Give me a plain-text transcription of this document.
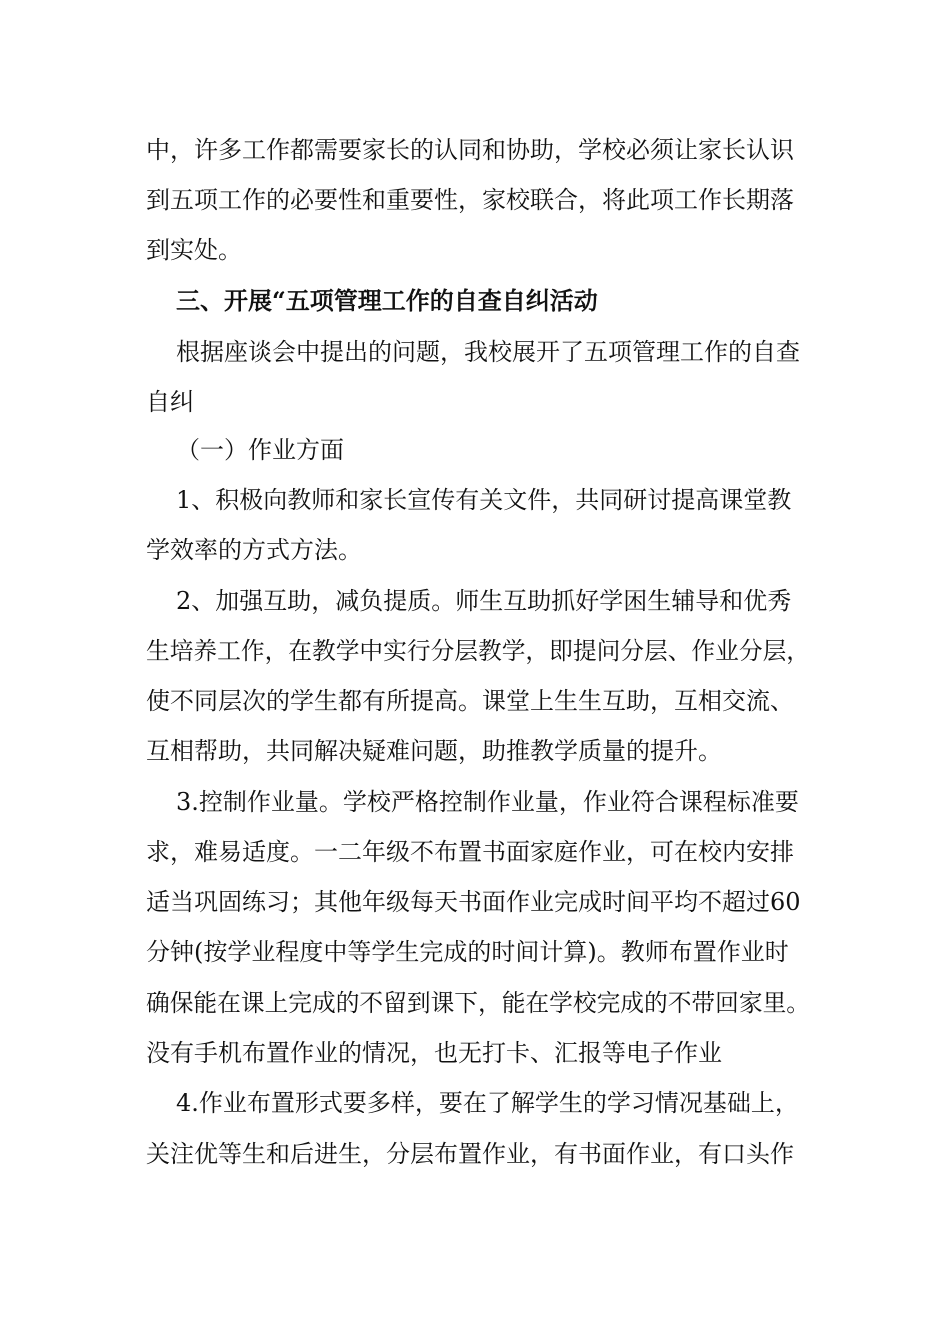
中，许多工作都需要家长的认同和协助，学校必须让家长认识
到五项工作的必要性和重要性，家校联合，将此项工作长期落
到实处。
三、开展“五项管理工作的自查自纠活动
根据座谈会中提出的问题，我校展开了五项管理工作的自查
自纠
（一）作业方面
1、积极向教师和家长宣传有关文件，共同研讨提高课堂教
学效率的方式方法。
2、加强互助，减负提质。师生互助抓好学困生辅导和优秀
生培养工作，在教学中实行分层教学，即提问分层、作业分层，
使不同层次的学生都有所提高。课堂上生生互助，互相交流、
互相帮助，共同解决疑难问题，助推教学质量的提升。
3.控制作业量。学校严格控制作业量，作业符合课程标准要
求，难易适度。一二年级不布置书面家庭作业，可在校内安排
适当巩固练习；其他年级每天书面作业完成时间平均不超过60
分钟(按学业程度中等学生完成的时间计算)。教师布置作业时
确保能在课上完成的不留到课下，能在学校完成的不带回家里。
没有手机布置作业的情况，也无打卡、汇报等电子作业
4.作业布置形式要多样，要在了解学生的学习情况基础上，
关注优等生和后进生，分层布置作业，有书面作业，有口头作
